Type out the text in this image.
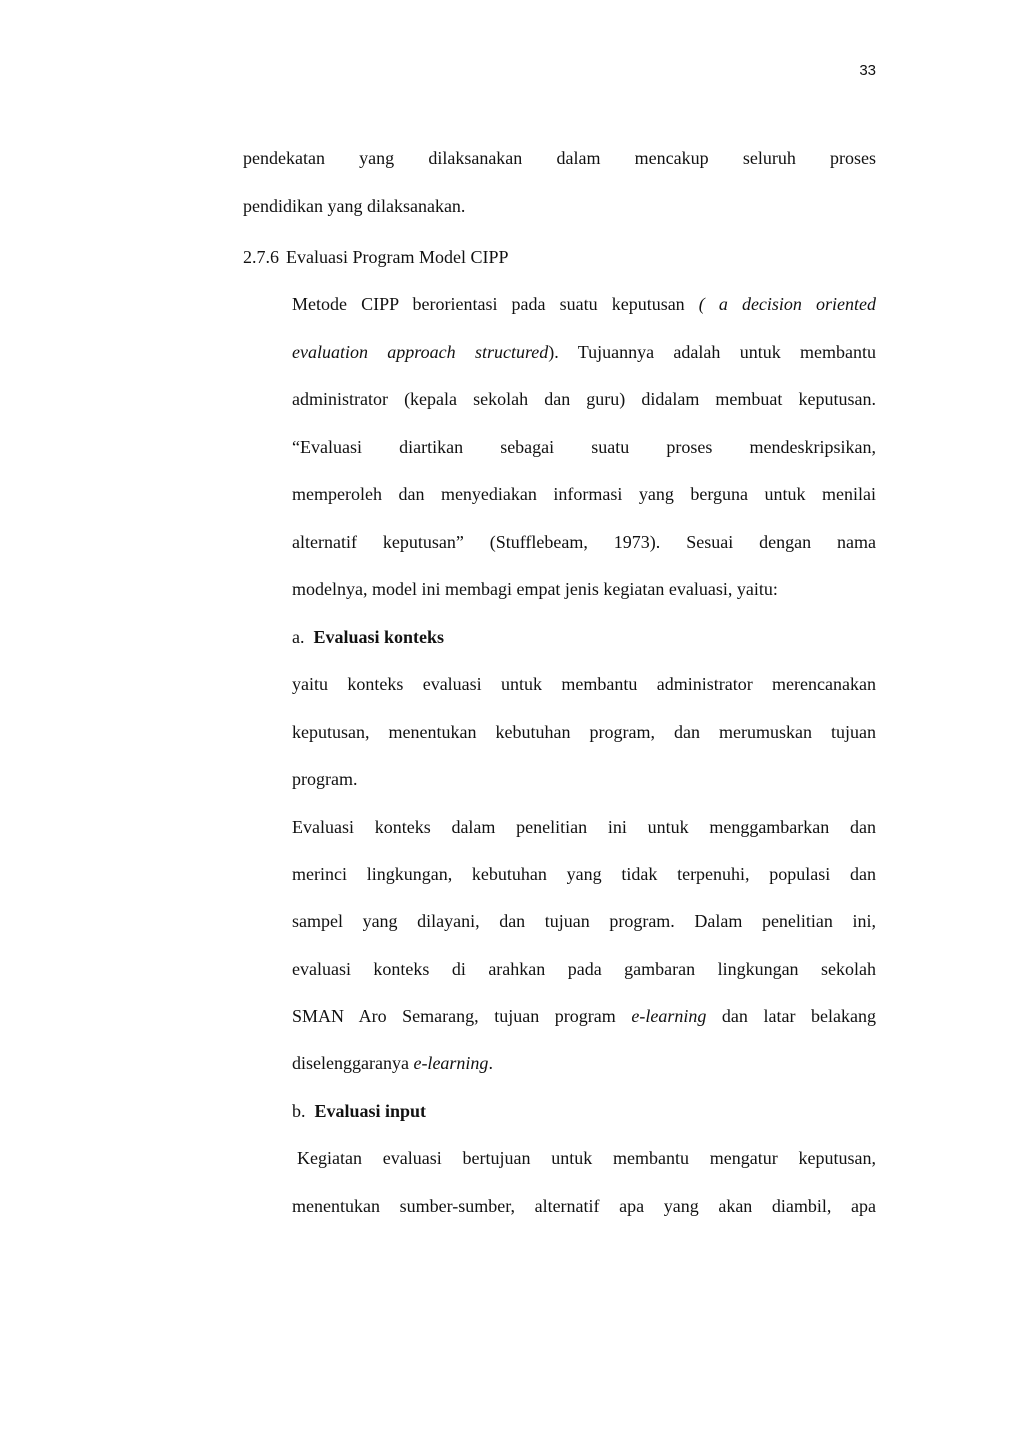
33
pendekatan yang dilaksanakan dalam mencakup seluruh proses
pendidikan yang dilaksanakan.
2.7.6 Evaluasi Program Model CIPP
Metode CIPP berorientasi pada suatu keputusan ( a decision oriented
evaluation approach structured). Tujuannya adalah untuk membantu
administrator (kepala sekolah dan guru) didalam membuat keputusan.
“Evaluasi diartikan sebagai suatu proses mendeskripsikan,
memperoleh dan menyediakan informasi yang berguna untuk menilai
alternatif keputusan” (Stufflebeam, 1973). Sesuai dengan nama
modelnya, model ini membagi empat jenis kegiatan evaluasi, yaitu:
a. Evaluasi konteks
yaitu konteks evaluasi untuk membantu administrator merencanakan
keputusan, menentukan kebutuhan program, dan merumuskan tujuan
program.
Evaluasi konteks dalam penelitian ini untuk menggambarkan dan
merinci lingkungan, kebutuhan yang tidak terpenuhi, populasi dan
sampel yang dilayani, dan tujuan program. Dalam penelitian ini,
evaluasi konteks di arahkan pada gambaran lingkungan sekolah
SMAN Aro Semarang, tujuan program e-learning dan latar belakang
diselenggaranya e-learning.
b. Evaluasi input
Kegiatan evaluasi bertujuan untuk membantu mengatur keputusan,
menentukan sumber-sumber, alternatif apa yang akan diambil, apa
